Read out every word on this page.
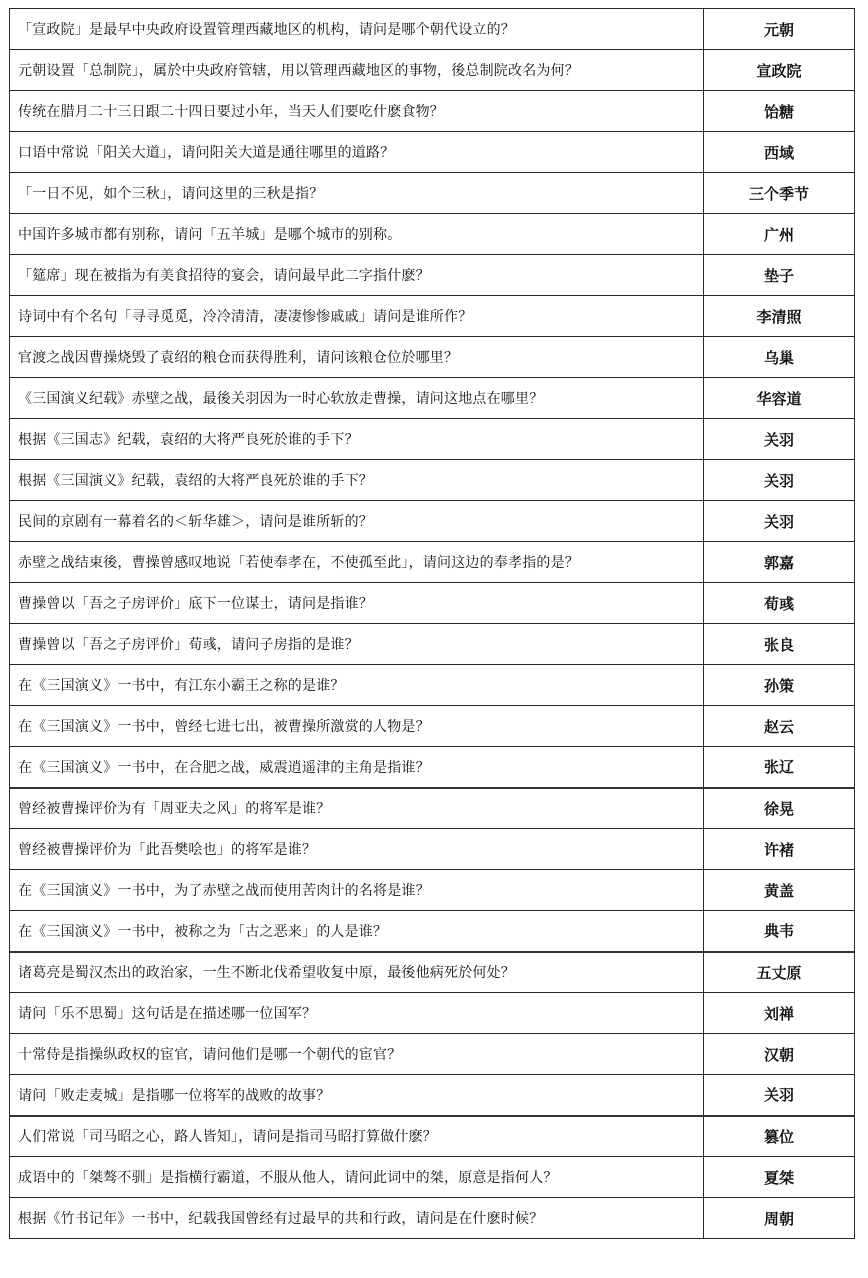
「宣政院」是最早中央政府设置管理西藏地区的机构，请问是哪个朝代设立的？	元朝
元朝设置「总制院」，属於中央政府管辖，用以管理西藏地区的事物，後总制院改名为何？	宣政院
传统在腊月二十三日跟二十四日要过小年，当天人们要吃什麽食物？	饴糖
口语中常说「阳关大道」，请问阳关大道是通往哪里的道路？	西域
「一日不见，如个三秋」，请问这里的三秋是指？	三个季节
中国许多城市都有别称，请问「五羊城」是哪个城市的别称。	广州
「筵席」现在被指为有美食招待的宴会，请问最早此二字指什麽？	垫子
诗词中有个名句「寻寻觅觅，冷冷清清，凄凄惨惨戚戚」请问是谁所作？	李清照
官渡之战因曹操烧毁了袁绍的粮仓而获得胜利，请问该粮仓位於哪里？	乌巢
《三国演义纪载》赤壁之战，最後关羽因为一时心软放走曹操，请问这地点在哪里？	华容道
根据《三国志》纪载，袁绍的大将严良死於谁的手下？	关羽
根据《三国演义》纪载，袁绍的大将严良死於谁的手下？	关羽
民间的京剧有一幕着名的＜斩华雄＞，请问是谁所斩的？	关羽
赤壁之战结束後，曹操曾感叹地说「若使奉孝在，不使孤至此」，请问这边的奉孝指的是？	郭嘉
曹操曾以「吾之子房评价」底下一位谋士，请问是指谁？	荀彧
曹操曾以「吾之子房评价」荀彧，请问子房指的是谁？	张良
在《三国演义》一书中，有江东小霸王之称的是谁？	孙策
在《三国演义》一书中，曾经七进七出，被曹操所激赏的人物是？	赵云
在《三国演义》一书中，在合肥之战，威震逍遥津的主角是指谁？	张辽
曾经被曹操评价为有「周亚夫之风」的将军是谁？	徐晃
曾经被曹操评价为「此吾樊哙也」的将军是谁？	许褚
在《三国演义》一书中，为了赤壁之战而使用苦肉计的名将是谁？	黄盖
在《三国演义》一书中，被称之为「古之恶来」的人是谁？	典韦
诸葛亮是蜀汉杰出的政治家，一生不断北伐希望收复中原，最後他病死於何处？	五丈原
请问「乐不思蜀」这句话是在描述哪一位国军？	刘禅
十常侍是指操纵政权的宦官，请问他们是哪一个朝代的宦官？	汉朝
请问「败走麦城」是指哪一位将军的战败的故事？	关羽
人们常说「司马昭之心，路人皆知」，请问是指司马昭打算做什麽？	篡位
成语中的「桀骜不驯」是指横行霸道，不服从他人，请问此词中的桀，原意是指何人？	夏桀
根据《竹书记年》一书中，纪载我国曾经有过最早的共和行政，请问是在什麽时候？	周朝
